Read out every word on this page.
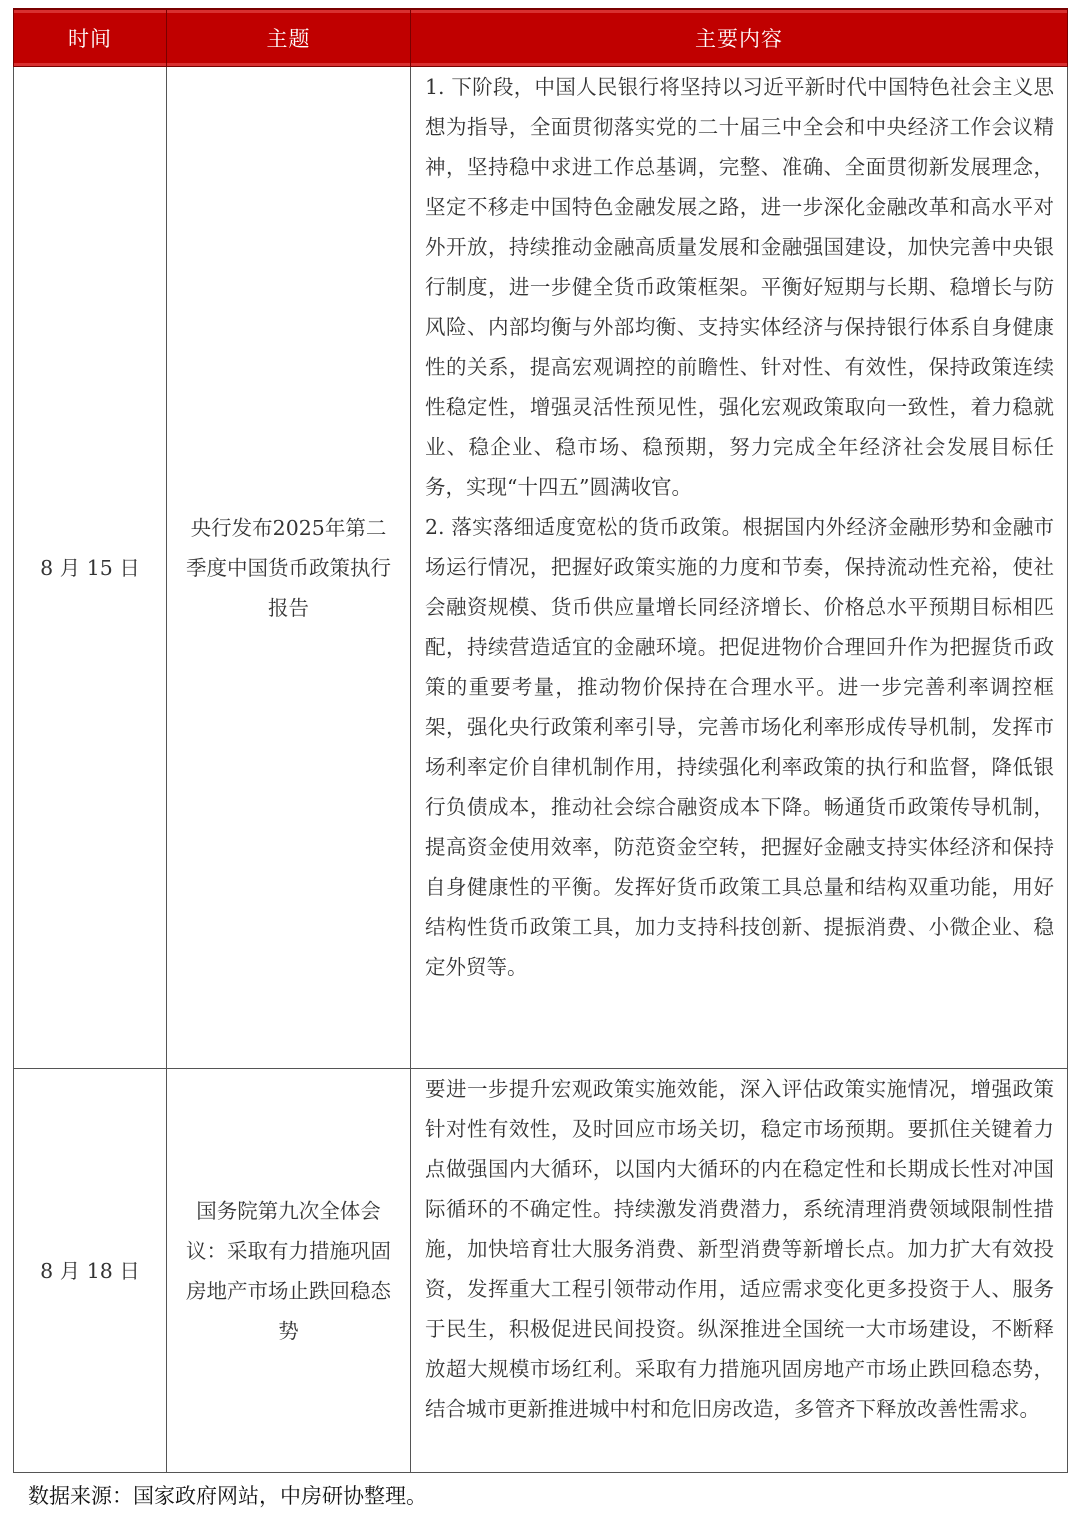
时间	主题	主要内容
8 月 15 日	央行发布2025年第二季度中国货币政策执行报告	1. 下阶段，中国人民银行将坚持以习近平新时代中国特色社会主义思想为指导，全面贯彻落实党的二十届三中全会和中央经济工作会议精神，坚持稳中求进工作总基调，完整、准确、全面贯彻新发展理念，坚定不移走中国特色金融发展之路，进一步深化金融改革和高水平对外开放，持续推动金融高质量发展和金融强国建设，加快完善中央银行制度，进一步健全货币政策框架。平衡好短期与长期、稳增长与防风险、内部均衡与外部均衡、支持实体经济与保持银行体系自身健康性的关系，提高宏观调控的前瞻性、针对性、有效性，保持政策连续性稳定性，增强灵活性预见性，强化宏观政策取向一致性，着力稳就业、稳企业、稳市场、稳预期，努力完成全年经济社会发展目标任务，实现“十四五”圆满收官。

2. 落实落细适度宽松的货币政策。根据国内外经济金融形势和金融市场运行情况，把握好政策实施的力度和节奏，保持流动性充裕，使社会融资规模、货币供应量增长同经济增长、价格总水平预期目标相匹配，持续营造适宜的金融环境。把促进物价合理回升作为把握货币政策的重要考量，推动物价保持在合理水平。进一步完善利率调控框架，强化央行政策利率引导，完善市场化利率形成传导机制，发挥市场利率定价自律机制作用，持续强化利率政策的执行和监督，降低银行负债成本，推动社会综合融资成本下降。畅通货币政策传导机制，提高资金使用效率，防范资金空转，把握好金融支持实体经济和保持自身健康性的平衡。发挥好货币政策工具总量和结构双重功能，用好结构性货币政策工具，加力支持科技创新、提振消费、小微企业、稳定外贸等。

8 月 18 日	国务院第九次全体会议：采取有力措施巩固房地产市场止跌回稳态势	要进一步提升宏观政策实施效能，深入评估政策实施情况，增强政策针对性有效性，及时回应市场关切，稳定市场预期。要抓住关键着力点做强国内大循环，以国内大循环的内在稳定性和长期成长性对冲国际循环的不确定性。持续激发消费潜力，系统清理消费领域限制性措施，加快培育壮大服务消费、新型消费等新增长点。加力扩大有效投资，发挥重大工程引领带动作用，适应需求变化更多投资于人、服务于民生，积极促进民间投资。纵深推进全国统一大市场建设，不断释放超大规模市场红利。采取有力措施巩固房地产市场止跌回稳态势，结合城市更新推进城中村和危旧房改造，多管齐下释放改善性需求。

数据来源：国家政府网站，中房研协整理。
